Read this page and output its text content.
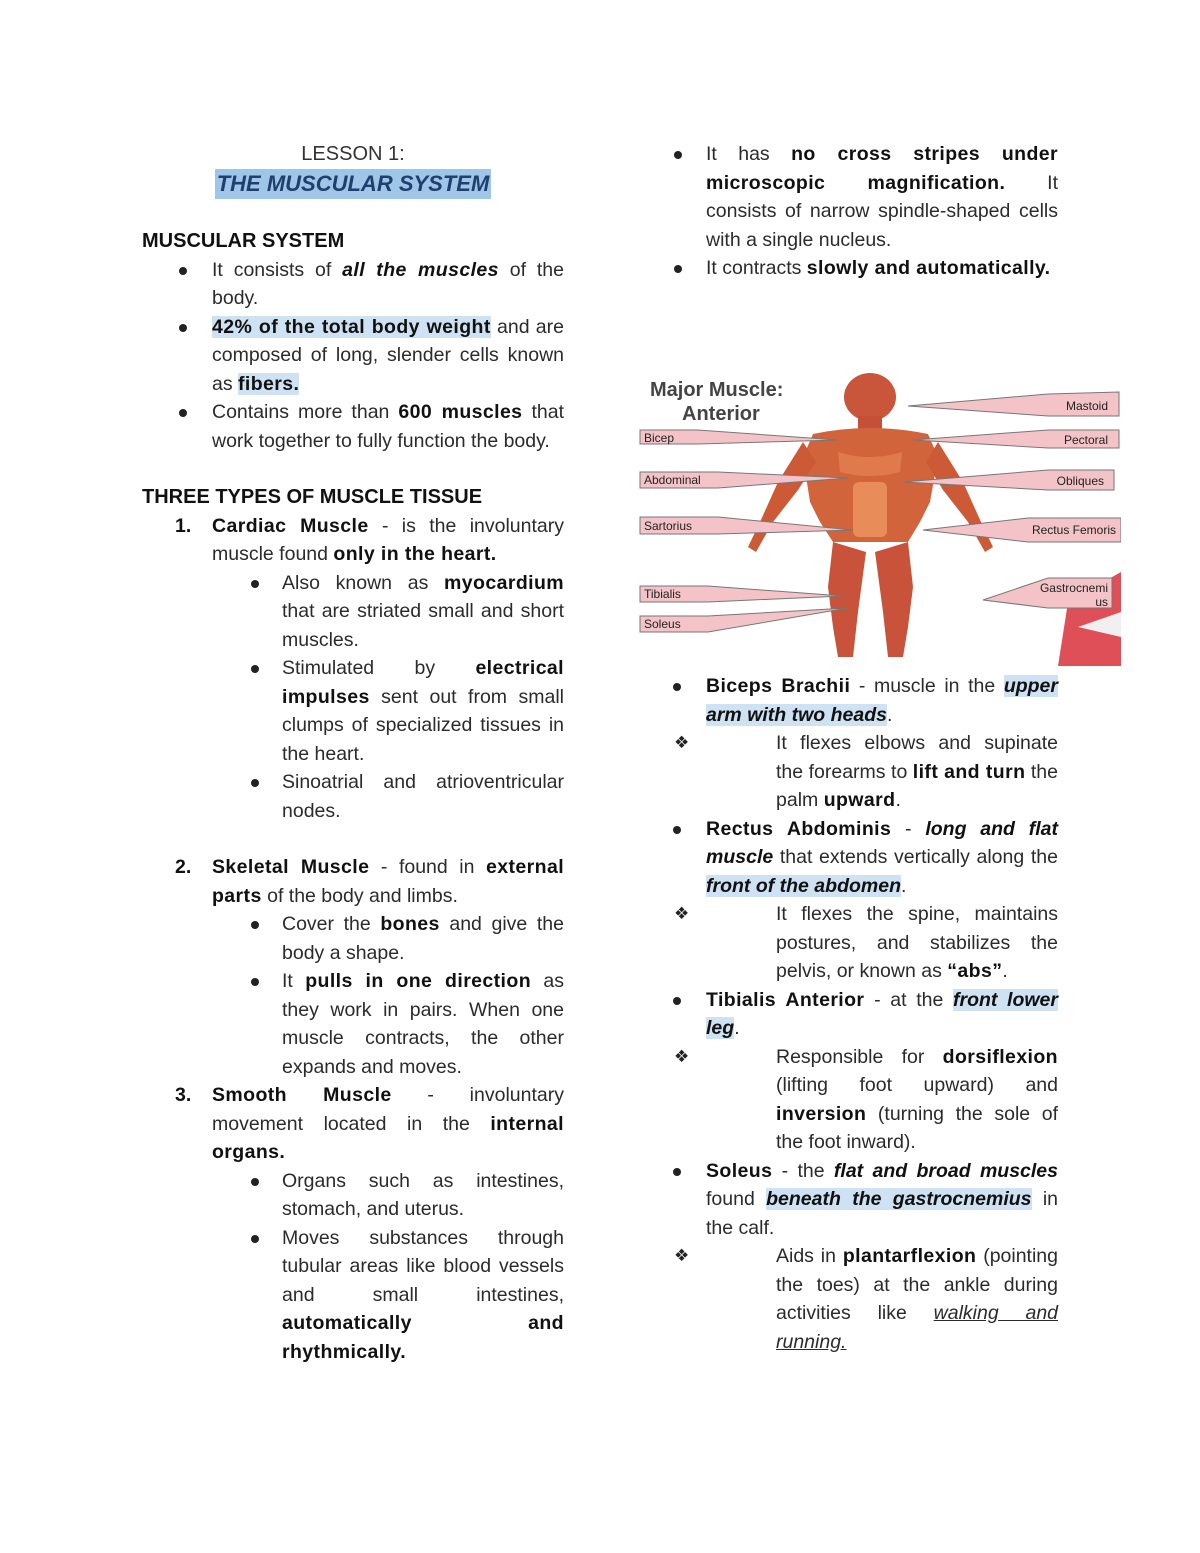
LESSON 1:
THE MUSCULAR SYSTEM
MUSCULAR SYSTEM
It consists of all the muscles of the body.
42% of the total body weight and are composed of long, slender cells known as fibers.
Contains more than 600 muscles that work together to fully function the body.
THREE TYPES OF MUSCLE TISSUE
1. Cardiac Muscle - is the involuntary muscle found only in the heart.
Also known as myocardium that are striated small and short muscles.
Stimulated by electrical impulses sent out from small clumps of specialized tissues in the heart.
Sinoatrial and atrioventricular nodes.
2. Skeletal Muscle - found in external parts of the body and limbs.
Cover the bones and give the body a shape.
It pulls in one direction as they work in pairs. When one muscle contracts, the other expands and moves.
3. Smooth Muscle - involuntary movement located in the internal organs.
Organs such as intestines, stomach, and uterus.
Moves substances through tubular areas like blood vessels and small intestines, automatically and rhythmically.
It has no cross stripes under microscopic magnification. It consists of narrow spindle-shaped cells with a single nucleus.
It contracts slowly and automatically.
Major Muscle:
Anterior
Bicep
Abdominal
Sartorius
Tibialis
Soleus
Mastoid
Pectoral
Obliques
Rectus Femoris
Gastrocnemi
us
Biceps Brachii - muscle in the upper arm with two heads.
❖	It flexes elbows and supinate the forearms to lift and turn the palm upward.
Rectus Abdominis - long and flat muscle that extends vertically along the front of the abdomen.
❖	It flexes the spine, maintains postures, and stabilizes the pelvis, or known as “abs”.
Tibialis Anterior - at the front lower leg.
❖	Responsible for dorsiflexion (lifting foot upward) and inversion (turning the sole of the foot inward).
Soleus - the flat and broad muscles found beneath the gastrocnemius in the calf.
❖	Aids in plantarflexion (pointing the toes) at the ankle during activities like walking and running.
